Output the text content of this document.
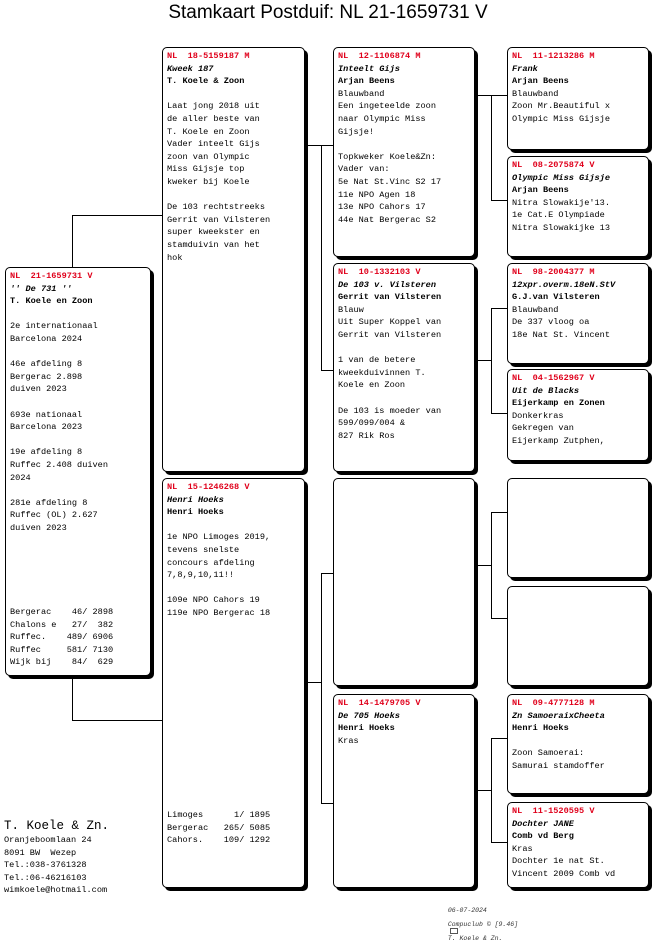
Stamkaart Postduif: NL 21-1659731 V
NL  21-1659731 V
'' De 731 ''
T. Koele en Zoon
2e internationaal
Barcelona 2024
46e afdeling 8
Bergerac 2.898
duiven 2023
693e nationaal
Barcelona 2023
19e afdeling 8
Ruffec 2.408 duiven
2024
281e afdeling 8
Ruffec (OL) 2.627
duiven 2023
Bergerac    46/ 2898
Chalons e   27/  382
Ruffec.    489/ 6906
Ruffec     581/ 7130
Wijk bij    84/  629
NL  18-5159187 M
Kweek 187
T. Koele & Zoon
Laat jong 2018 uit
de aller beste van
T. Koele en Zoon
Vader inteelt Gijs
zoon van Olympic
Miss Gijsje top
kweker bij Koele
De 103 rechtstreeks
Gerrit van Vilsteren
super kweekster en
stamduivin van het
hok
NL  15-1246268 V
Henri Hoeks
Henri Hoeks
1e NPO Limoges 2019,
tevens snelste
concours afdeling
7,8,9,10,11!!
109e NPO Cahors 19
119e NPO Bergerac 18
Limoges      1/ 1895
Bergerac   265/ 5085
Cahors.    109/ 1292
NL  12-1106874 M
Inteelt Gijs
Arjan Beens
Blauwband
Een ingeteelde zoon
naar Olympic Miss
Gijsje!
Topkweker Koele&Zn:
Vader van:
5e Nat St.Vinc S2 17
11e NPO Agen 18
13e NPO Cahors 17
44e Nat Bergerac S2
NL  10-1332103 V
De 103 v. Vilsteren
Gerrit van Vilsteren
Blauw
Uit Super Koppel van
Gerrit van Vilsteren
1 van de betere
kweekduivinnen T.
Koele en Zoon
De 103 is moeder van
599/099/004 &
827 Rik Ros
NL  14-1479705 V
De 705 Hoeks
Henri Hoeks
Kras
NL  11-1213286 M
Frank
Arjan Beens
Blauwband
Zoon Mr.Beautiful x
Olympic Miss Gijsje
NL  08-2075874 V
Olympic Miss Gijsje
Arjan Beens
Nitra Slowakije'13.
1e Cat.E Olympiade
Nitra Slowakijke 13
NL  98-2004377 M
12xpr.overm.18eN.StV
G.J.van Vilsteren
Blauwband
De 337 vloog oa
18e Nat St. Vincent
NL  04-1562967 V
Uit de Blacks
Eijerkamp en Zonen
Donkerkras
Gekregen van
Eijerkamp Zutphen,
NL  09-4777128 M
Zn SamoeraixCheeta
Henri Hoeks
Zoon Samoerai:
Samurai stamdoffer
NL  11-1520595 V
Dochter JANE
Comb vd Berg
Kras
Dochter 1e nat St.
Vincent 2009 Comb vd
T. Koele & Zn.
Oranjeboomlaan 24
8091 BW  Wezep
Tel.:038-3761328
Tel.:06-46216103
wimkoele@hotmail.com

06-07-2024

Compuclub © [9.46]

T. Koele & Zn.
